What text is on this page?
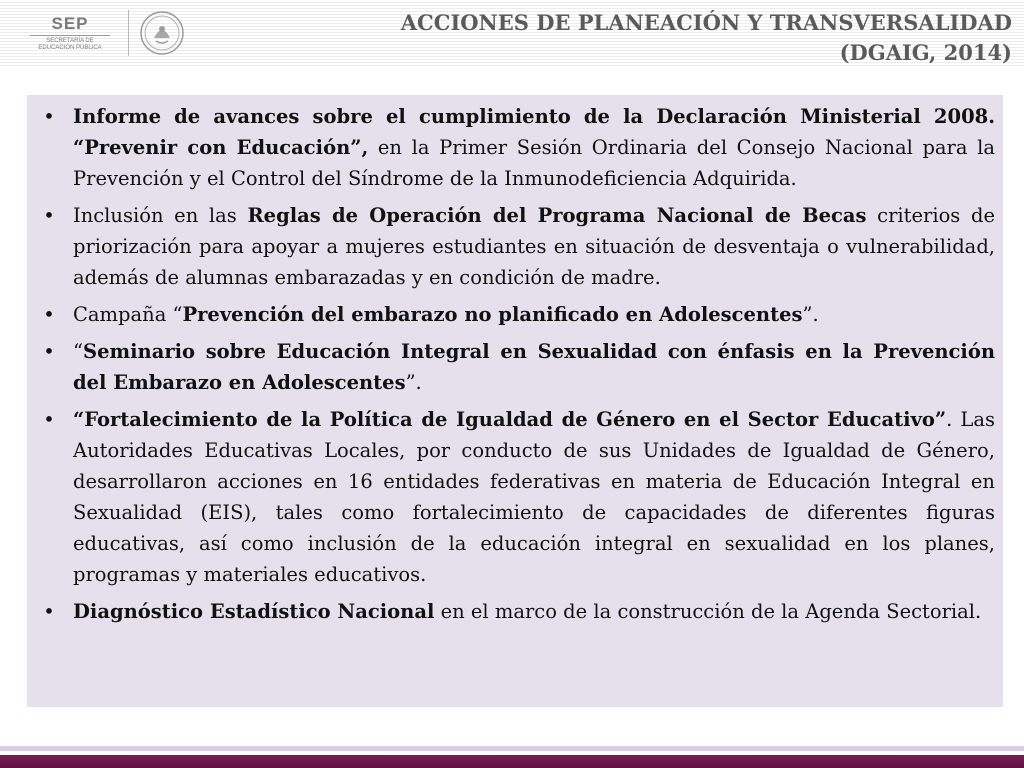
SEP
SECRETARÍA DE
EDUCACIÓN PÚBLICA
ACCIONES DE PLANEACIÓN Y TRANSVERSALIDAD
(DGAIG, 2014)
• Informe de avances sobre el cumplimiento de la Declaración Ministerial 2008. “Prevenir con Educación”, en la Primer Sesión Ordinaria del Consejo Nacional para la Prevención y el Control del Síndrome de la Inmunodeficiencia Adquirida.
• Inclusión en las Reglas de Operación del Programa Nacional de Becas criterios de priorización para apoyar a mujeres estudiantes en situación de desventaja o vulnerabilidad, además de alumnas embarazadas y en condición de madre.
• Campaña “Prevención del embarazo no planificado en Adolescentes”.
• “Seminario sobre Educación Integral en Sexualidad con énfasis en la Prevención del Embarazo en Adolescentes”.
• “Fortalecimiento de la Política de Igualdad de Género en el Sector Educativo”. Las Autoridades Educativas Locales, por conducto de sus Unidades de Igualdad de Género, desarrollaron acciones en 16 entidades federativas en materia de Educación Integral en Sexualidad (EIS), tales como fortalecimiento de capacidades de diferentes figuras educativas, así como inclusión de la educación integral en sexualidad en los planes, programas y materiales educativos.
• Diagnóstico Estadístico Nacional en el marco de la construcción de la Agenda Sectorial.
